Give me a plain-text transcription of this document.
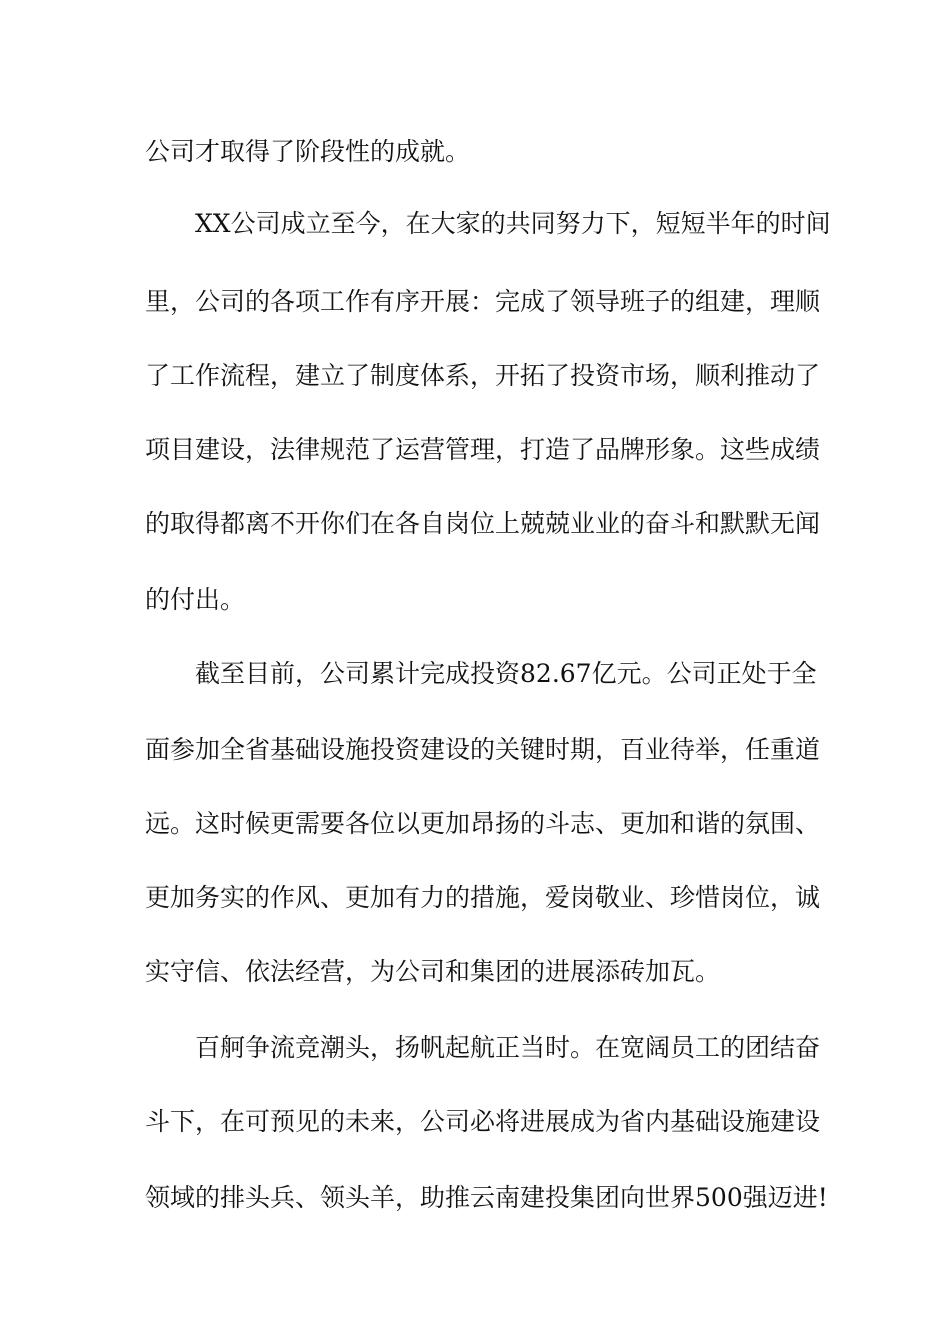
公司才取得了阶段性的成就。
XX公司成立至今，在大家的共同努力下，短短半年的时间
里，公司的各项工作有序开展：完成了领导班子的组建，理顺
了工作流程，建立了制度体系，开拓了投资市场，顺利推动了
项目建设，法律规范了运营管理，打造了品牌形象。这些成绩
的取得都离不开你们在各自岗位上兢兢业业的奋斗和默默无闻
的付出。
截至目前，公司累计完成投资82.67亿元。公司正处于全
面参加全省基础设施投资建设的关键时期，百业待举，任重道
远。这时候更需要各位以更加昂扬的斗志、更加和谐的氛围、
更加务实的作风、更加有力的措施，爱岗敬业、珍惜岗位，诚
实守信、依法经营，为公司和集团的进展添砖加瓦。
百舸争流竞潮头，扬帆起航正当时。在宽阔员工的团结奋
斗下，在可预见的未来，公司必将进展成为省内基础设施建设
领域的排头兵、领头羊，助推云南建投集团向世界500强迈进!
